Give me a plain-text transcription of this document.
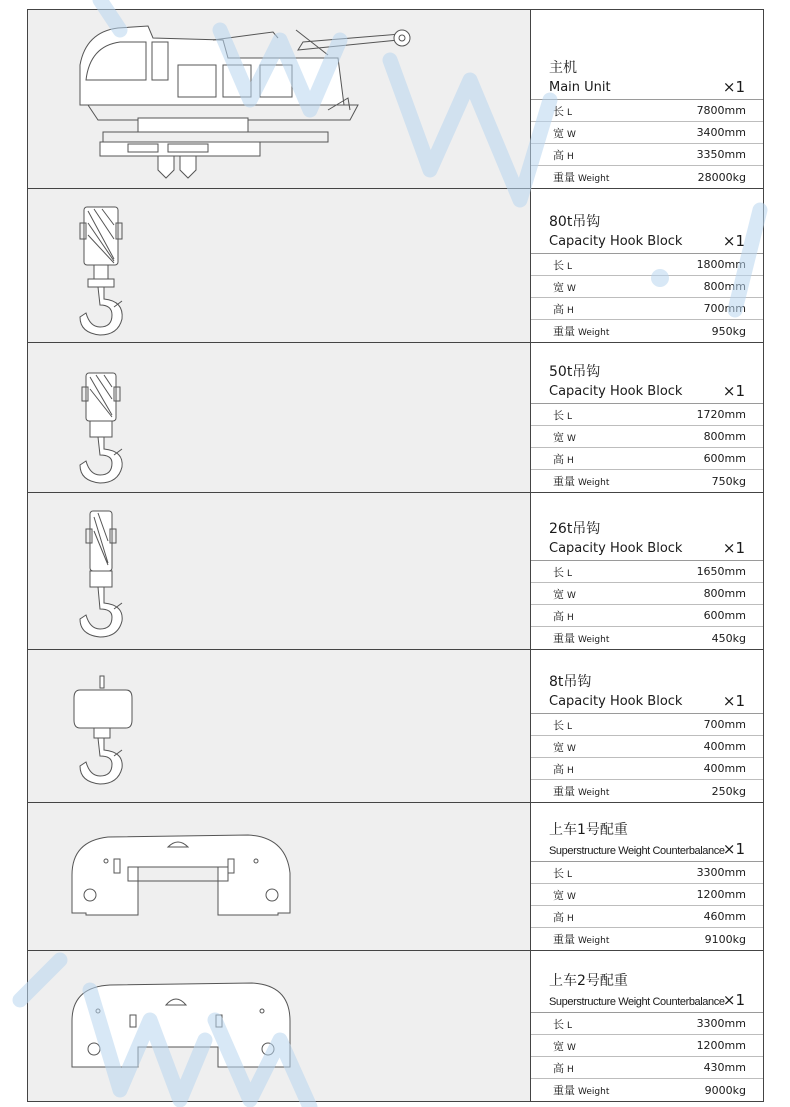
主机
Main Unit	×1
长 L	7800mm
宽 W	3400mm
高 H	3350mm
重量 Weight	28000kg
80t吊钩
Capacity Hook Block	×1
长 L	1800mm
宽 W	800mm
高 H	700mm
重量 Weight	950kg
50t吊钩
Capacity Hook Block	×1
长 L	1720mm
宽 W	800mm
高 H	600mm
重量 Weight	750kg
26t吊钩
Capacity Hook Block	×1
长 L	1650mm
宽 W	800mm
高 H	600mm
重量 Weight	450kg
8t吊钩
Capacity Hook Block	×1
长 L	700mm
宽 W	400mm
高 H	400mm
重量 Weight	250kg
上车1号配重
Superstructure Weight Counterbalance
×1
长 L	3300mm
宽 W	1200mm
高 H	460mm
重量 Weight	9100kg
上车2号配重
Superstructure Weight Counterbalance
×1
长 L	3300mm
宽 W	1200mm
高 H	430mm
重量 Weight	9000kg
